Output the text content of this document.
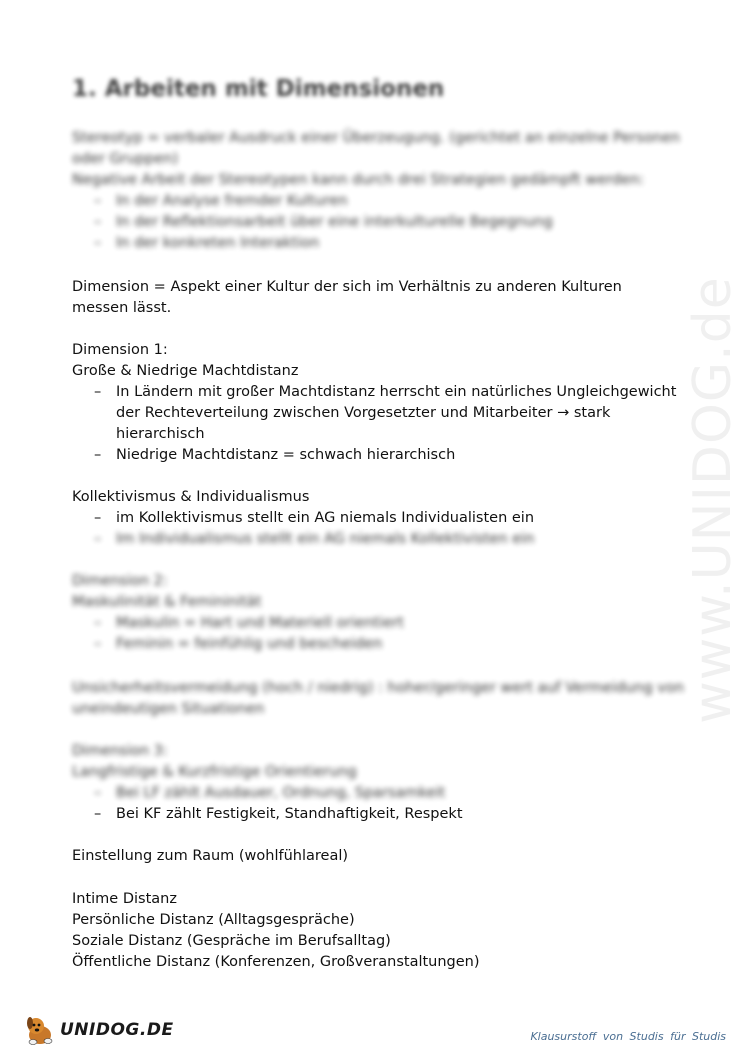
www.UNIDOG.de
1. Arbeiten mit Dimensionen
Stereotyp = verbaler Ausdruck einer Überzeugung. (gerichtet an einzelne Personen
oder Gruppen)
Negative Arbeit der Stereotypen kann durch drei Strategien gedämpft werden:
– In der Analyse fremder Kulturen
– In der Reflektionsarbeit über eine interkulturelle Begegnung
– In der konkreten Interaktion
Dimension = Aspekt einer Kultur der sich im Verhältnis zu anderen Kulturen messen lässt.
Dimension 1:
Große & Niedrige Machtdistanz
– In Ländern mit großer Machtdistanz herrscht ein natürliches Ungleichgewicht der Rechteverteilung zwischen Vorgesetzter und Mitarbeiter → stark hierarchisch
– Niedrige Machtdistanz = schwach hierarchisch
Kollektivismus & Individualismus
– im Kollektivismus stellt ein AG niemals Individualisten ein
– Im Individualismus stellt ein AG niemals Kollektivisten ein
Dimension 2:
Maskulinität & Femininität
– Maskulin = Hart und Materiell orientiert
– Feminin = feinfühlig und bescheiden
Unsicherheitsvermeidung (hoch / niedrig) : hoher/geringer wert auf Vermeidung von
uneindeutigen Situationen
Dimension 3:
Langfristige & Kurzfristige Orientierung
– Bei LF zählt Ausdauer, Ordnung, Sparsamkeit
– Bei KF zählt Festigkeit, Standhaftigkeit, Respekt
Einstellung zum Raum (wohlfühlareal)
Intime Distanz
Persönliche Distanz (Alltagsgespräche)
Soziale Distanz (Gespräche im Berufsalltag)
Öffentliche Distanz (Konferenzen, Großveranstaltungen)
UNIDOG.DE	Klausurstoff von Studis für Studis
